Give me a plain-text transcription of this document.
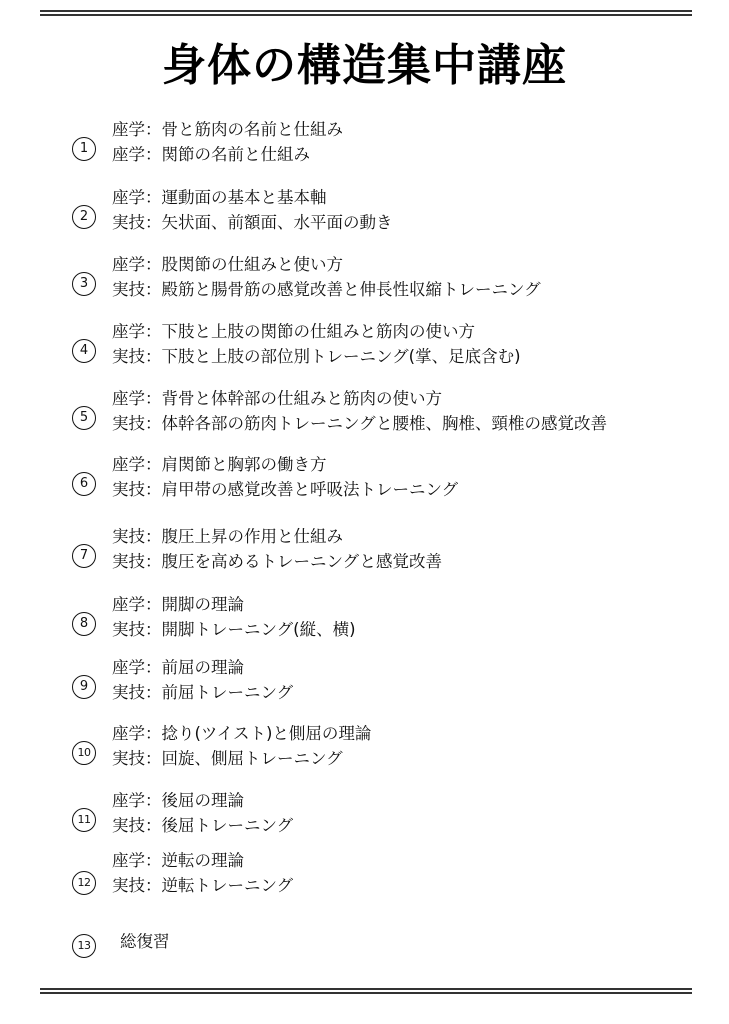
身体の構造集中講座
1
座学：骨と筋肉の名前と仕組み
座学：関節の名前と仕組み
2
座学：運動面の基本と基本軸
実技：矢状面、前額面、水平面の動き
3
座学：股関節の仕組みと使い方
実技：殿筋と腸骨筋の感覚改善と伸長性収縮トレーニング
4
座学：下肢と上肢の関節の仕組みと筋肉の使い方
実技：下肢と上肢の部位別トレーニング(掌、足底含む)
5
座学：背骨と体幹部の仕組みと筋肉の使い方
実技：体幹各部の筋肉トレーニングと腰椎、胸椎、頸椎の感覚改善
6
座学：肩関節と胸郭の働き方
実技：肩甲帯の感覚改善と呼吸法トレーニング
7
実技：腹圧上昇の作用と仕組み
実技：腹圧を高めるトレーニングと感覚改善
8
座学：開脚の理論
実技：開脚トレーニング(縦、横)
9
座学：前屈の理論
実技：前屈トレーニング
10
座学：捻り(ツイスト)と側屈の理論
実技：回旋、側屈トレーニング
11
座学：後屈の理論
実技：後屈トレーニング
12
座学：逆転の理論
実技：逆転トレーニング
13	総復習
